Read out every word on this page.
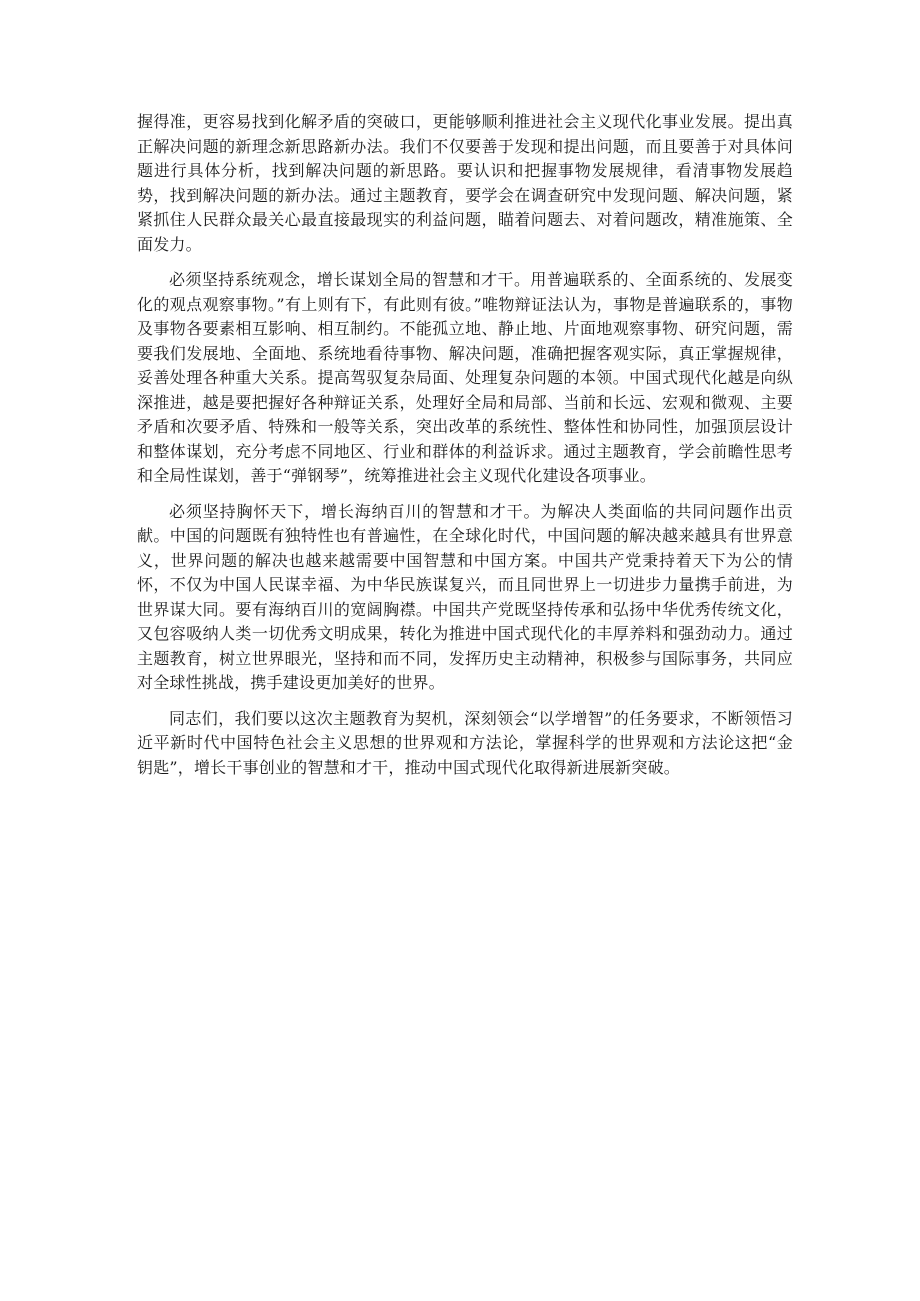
握得准，更容易找到化解矛盾的突破口，更能够顺利推进社会主义现代化事业发展。提出真正解决问题的新理念新思路新办法。我们不仅要善于发现和提出问题，而且要善于对具体问题进行具体分析，找到解决问题的新思路。要认识和把握事物发展规律，看清事物发展趋势，找到解决问题的新办法。通过主题教育，要学会在调查研究中发现问题、解决问题，紧紧抓住人民群众最关心最直接最现实的利益问题，瞄着问题去、对着问题改，精准施策、全面发力。

必须坚持系统观念，增长谋划全局的智慧和才干。用普遍联系的、全面系统的、发展变化的观点观察事物。”有上则有下，有此则有彼。”唯物辩证法认为，事物是普遍联系的，事物及事物各要素相互影响、相互制约。不能孤立地、静止地、片面地观察事物、研究问题，需要我们发展地、全面地、系统地看待事物、解决问题，准确把握客观实际，真正掌握规律，妥善处理各种重大关系。提高驾驭复杂局面、处理复杂问题的本领。中国式现代化越是向纵深推进，越是要把握好各种辩证关系，处理好全局和局部、当前和长远、宏观和微观、主要矛盾和次要矛盾、特殊和一般等关系，突出改革的系统性、整体性和协同性，加强顶层设计和整体谋划，充分考虑不同地区、行业和群体的利益诉求。通过主题教育，学会前瞻性思考和全局性谋划，善于“弹钢琴”，统筹推进社会主义现代化建设各项事业。

必须坚持胸怀天下，增长海纳百川的智慧和才干。为解决人类面临的共同问题作出贡献。中国的问题既有独特性也有普遍性，在全球化时代，中国问题的解决越来越具有世界意义，世界问题的解决也越来越需要中国智慧和中国方案。中国共产党秉持着天下为公的情怀，不仅为中国人民谋幸福、为中华民族谋复兴，而且同世界上一切进步力量携手前进，为世界谋大同。要有海纳百川的宽阔胸襟。中国共产党既坚持传承和弘扬中华优秀传统文化，又包容吸纳人类一切优秀文明成果，转化为推进中国式现代化的丰厚养料和强劲动力。通过主题教育，树立世界眼光，坚持和而不同，发挥历史主动精神，积极参与国际事务，共同应对全球性挑战，携手建设更加美好的世界。

同志们，我们要以这次主题教育为契机，深刻领会“以学增智”的任务要求，不断领悟习近平新时代中国特色社会主义思想的世界观和方法论，掌握科学的世界观和方法论这把“金钥匙”，增长干事创业的智慧和才干，推动中国式现代化取得新进展新突破。
